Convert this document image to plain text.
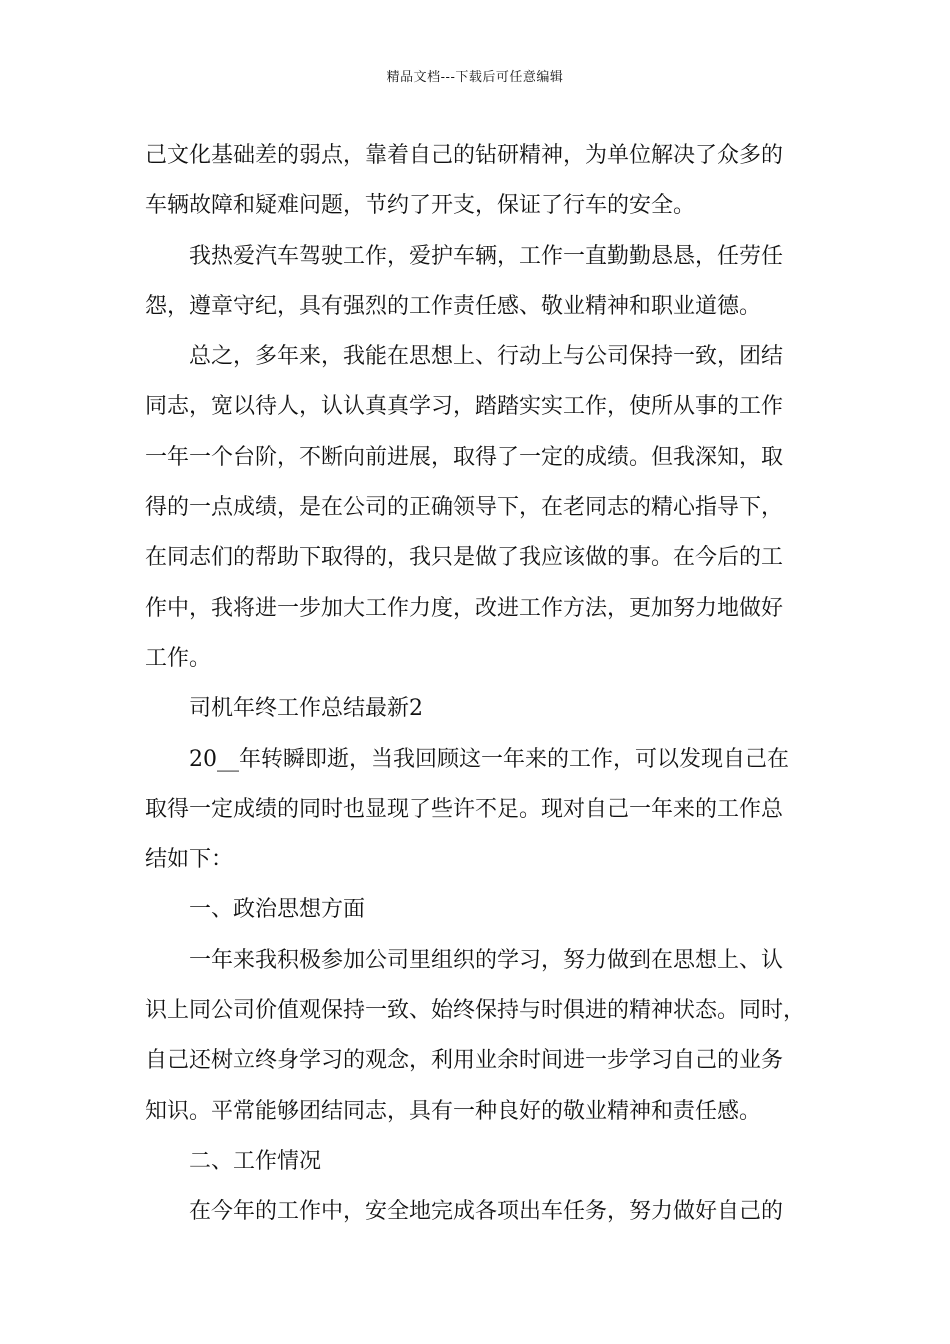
精品文档---下载后可任意编辑
己文化基础差的弱点，靠着自己的钻研精神，为单位解决了众多的
车辆故障和疑难问题，节约了开支，保证了行车的安全。
我热爱汽车驾驶工作，爱护车辆，工作一直勤勤恳恳，任劳任
怨，遵章守纪，具有强烈的工作责任感、敬业精神和职业道德。
总之，多年来，我能在思想上、行动上与公司保持一致，团结
同志，宽以待人，认认真真学习，踏踏实实工作，使所从事的工作
一年一个台阶，不断向前进展，取得了一定的成绩。但我深知，取
得的一点成绩，是在公司的正确领导下，在老同志的精心指导下，
在同志们的帮助下取得的，我只是做了我应该做的事。在今后的工
作中，我将进一步加大工作力度，改进工作方法，更加努力地做好
工作。
司机年终工作总结最新2
20__年转瞬即逝，当我回顾这一年来的工作，可以发现自己在
取得一定成绩的同时也显现了些许不足。现对自己一年来的工作总
结如下：
一、政治思想方面
一年来我积极参加公司里组织的学习，努力做到在思想上、认
识上同公司价值观保持一致、始终保持与时俱进的精神状态。同时，
自己还树立终身学习的观念，利用业余时间进一步学习自己的业务
知识。平常能够团结同志，具有一种良好的敬业精神和责任感。
二、工作情况
在今年的工作中，安全地完成各项出车任务，努力做好自己的
